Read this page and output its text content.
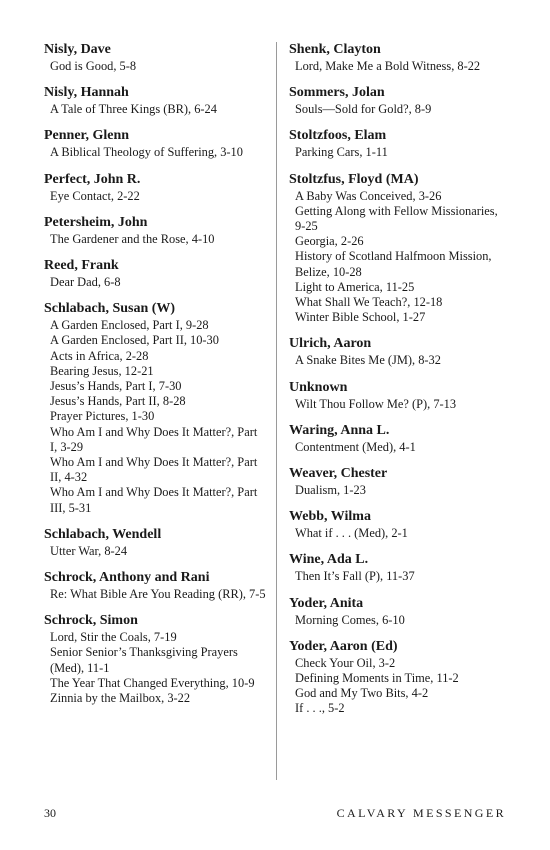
Nisly, Dave
God is Good, 5-8
Nisly, Hannah
A Tale of Three Kings (BR), 6-24
Penner, Glenn
A Biblical Theology of Suffering, 3-10
Perfect, John R.
Eye Contact, 2-22
Petersheim, John
The Gardener and the Rose, 4-10
Reed, Frank
Dear Dad, 6-8
Schlabach, Susan (W)
A Garden Enclosed, Part I, 9-28
A Garden Enclosed, Part II, 10-30
Acts in Africa, 2-28
Bearing Jesus, 12-21
Jesus’s Hands, Part I, 7-30
Jesus’s Hands, Part II, 8-28
Prayer Pictures, 1-30
Who Am I and Why Does It Matter?, Part I, 3-29
Who Am I and Why Does It Matter?, Part II, 4-32
Who Am I and Why Does It Matter?, Part III, 5-31
Schlabach, Wendell
Utter War, 8-24
Schrock, Anthony and Rani
Re: What Bible Are You Reading (RR), 7-5
Schrock, Simon
Lord, Stir the Coals, 7-19
Senior Senior’s Thanksgiving Prayers (Med), 11-1
The Year That Changed Everything, 10-9
Zinnia by the Mailbox, 3-22
Shenk, Clayton
Lord, Make Me a Bold Witness, 8-22
Sommers, Jolan
Souls—Sold for Gold?, 8-9
Stoltzfoos, Elam
Parking Cars, 1-11
Stoltzfus, Floyd (MA)
A Baby Was Conceived, 3-26
Getting Along with Fellow Missionaries, 9-25
Georgia, 2-26
History of Scotland Halfmoon Mission, Belize, 10-28
Light to America, 11-25
What Shall We Teach?, 12-18
Winter Bible School, 1-27
Ulrich, Aaron
A Snake Bites Me (JM), 8-32
Unknown
Wilt Thou Follow Me? (P), 7-13
Waring, Anna L.
Contentment (Med), 4-1
Weaver, Chester
Dualism, 1-23
Webb, Wilma
What if . . . (Med), 2-1
Wine, Ada L.
Then It’s Fall (P), 11-37
Yoder, Anita
Morning Comes, 6-10
Yoder, Aaron (Ed)
Check Your Oil, 3-2
Defining Moments in Time, 11-2
God and My Two Bits, 4-2
If . . ., 5-2
30	CALVARY MESSENGER
